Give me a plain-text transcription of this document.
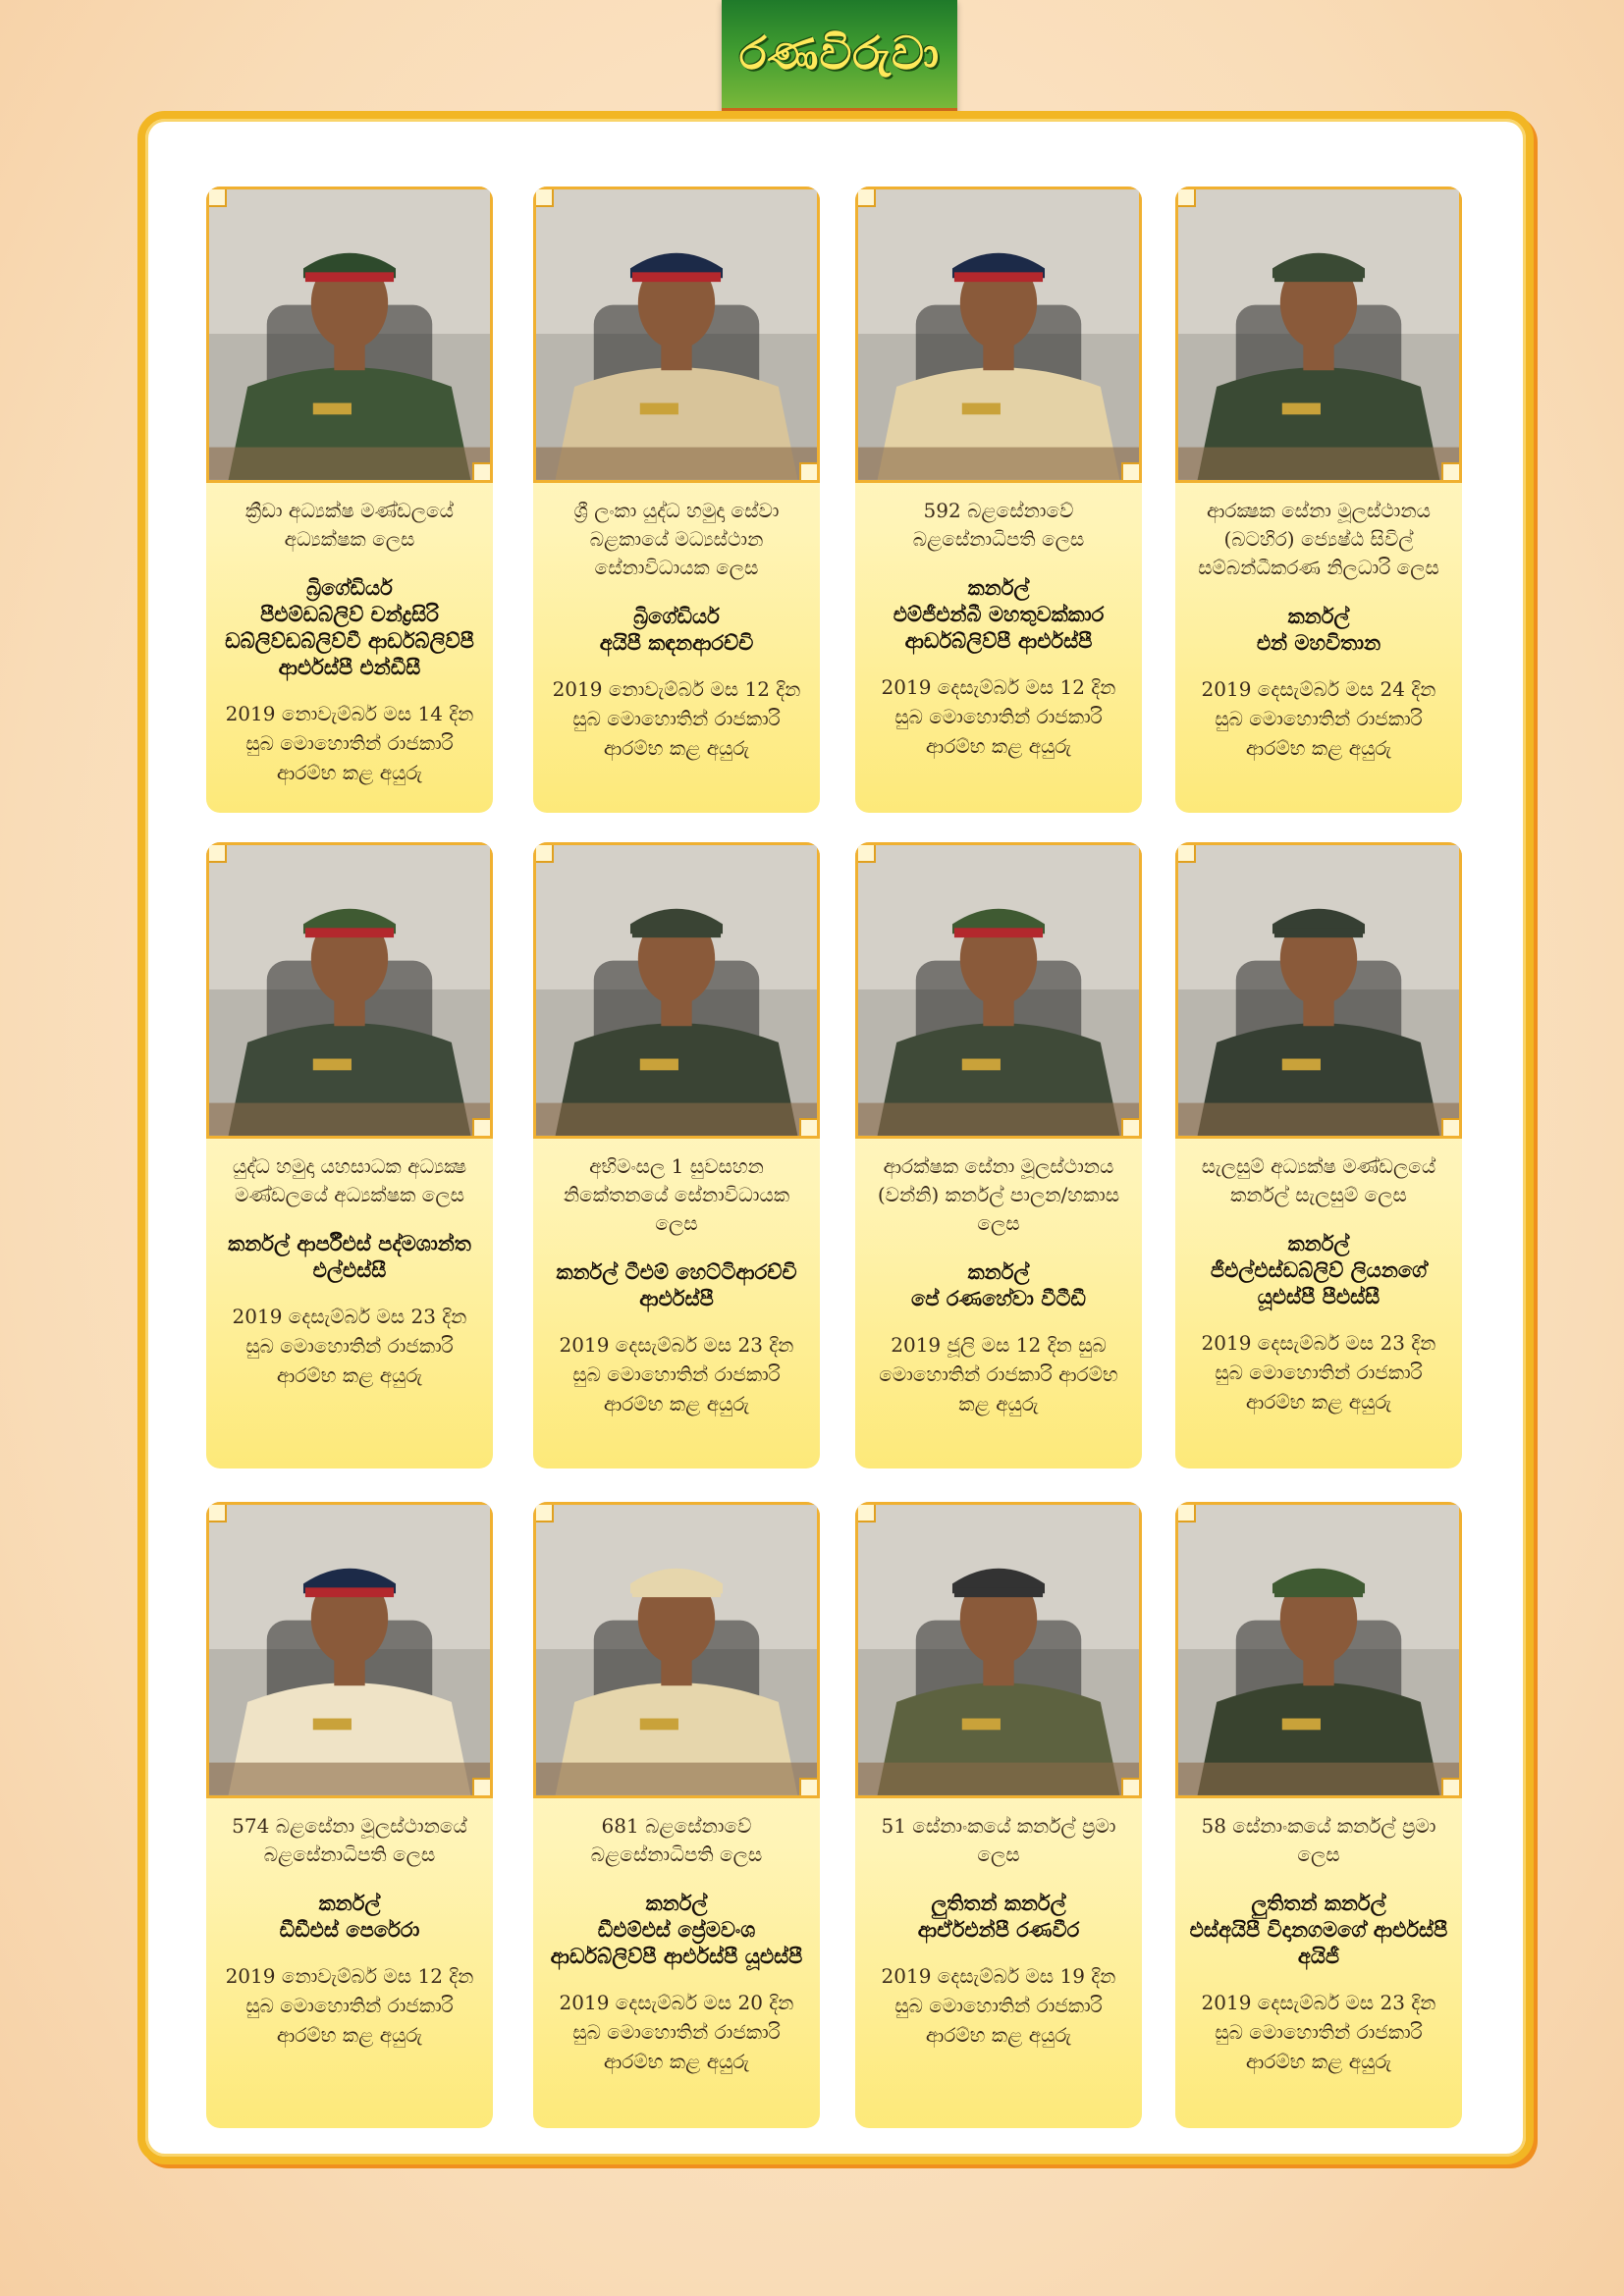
රණවිරුවා

ක්‍රීඩා අධ්‍යක්ෂ මණ්ඩලයේ අධ්‍යක්ෂක ලෙස

බ්‍රිගේඩියර්

පීඑම්ඩබ්ලිව් චන්ද්‍රසිරි ඩබ්ලිව්ඩබ්ලිව්වී ආර්ඩබ්ලිව්පී ආර්එස්පී එන්ඩීසී

2019 නොවැම්බර් මස 14 දින සුබ මොහොතින් රාජකාරි ආරම්භ කළ අයුරු

ශ්‍රී ලංකා යුද්ධ හමුදා සේවා බළකායේ මධ්‍යස්ථාන සේනාවිධායක ලෙස

බ්‍රිගේඩියර්

අයිපී කඳනආරච්චි

2019 නොවැම්බර් මස 12 දින සුබ මොහොතින් රාජකාරි ආරම්භ කළ අයුරු

592 බළසේනාවේ බළසේනාධිපති ලෙස

කර්නල්

එම්ජීඑන්බී මහතුවක්කාර ආර්ඩබ්ලිව්පී ආර්එස්පී

2019 දෙසැම්බර් මස 12 දින සුබ මොහොතින් රාජකාරි ආරම්භ කළ අයුරු

ආරක්‍ෂක සේනා මූලස්ථානය (බටහිර) ජ්‍යෙෂ්ඨ සිවිල් සම්බන්ධීකරණ නිලධාරි ලෙස

කර්නල්

එන් මහවිතාන

2019 දෙසැම්බර් මස 24 දින සුබ මොහොතින් රාජකාරි ආරම්භ කළ අයුරු

යුද්ධ හමුදා යහසාධක අධ්‍යක්‍ෂ මණ්ඩලයේ අධ්‍යක්ෂක ලෙස

කර්නල් ආර්පීඑස් පද්මශාන්ත

එල්එස්සී

2019 දෙසැම්බර් මස 23 දින සුබ මොහොතින් රාජකාරි ආරම්භ කළ අයුරු

අභිමංසල 1 සුවසහන නිකේතනයේ සේනාවිධායක ලෙස

කර්නල් ටීඑම් හෙට්ටිආරච්චි

ආර්එස්පී

2019 දෙසැම්බර් මස 23 දින සුබ මොහොතින් රාජකාරි ආරම්භ කළ අයුරු

ආරක්ෂක සේනා මූලස්ථානය (වන්නි) කර්නල් පාලන/හකාස ලෙස

කර්නල්

පේ රණහේවා වීටීඩී

2019 ජූලි මස 12 දින සුබ මොහොතින් රාජකාරි ආරම්භ කළ අයුරු

සැලසුම් අධ්‍යක්ෂ මණ්ඩලයේ කර්නල් සැලසුම් ලෙස

කර්නල්

ජීඑල්එස්ඩබ්ලිව් ලියනගේ යූඑස්පී පීඑස්සී

2019 දෙසැම්බර් මස 23 දින සුබ මොහොතින් රාජකාරි ආරම්භ කළ අයුරු

574 බළසේනා මූලස්ථානයේ බළසේනාධිපති ලෙස

කර්නල්

ඩීඩීඑස් පෙරේරා

2019 නොවැම්බර් මස 12 දින සුබ මොහොතින් රාජකාරි ආරම්භ කළ අයුරු

681 බළසේනාවේ බළසේනාධිපති ලෙස

කර්නල්

ඩීඑම්එස් ප්‍රේමවංශ ආර්ඩබ්ලිව්පී ආර්එස්පී යූඑස්පී

2019 දෙසැම්බර් මස 20 දින සුබ මොහොතින් රාජකාරි ආරම්භ කළ අයුරු

51 සේනාංකයේ කර්නල් ප්‍රමා ලෙස

ලුතිතන් කර්නල්

ආර්ඒඑන්පී රණවීර

2019 දෙසැම්බර් මස 19 දින සුබ මොහොතින් රාජකාරි ආරම්භ කළ අයුරු

58 සේනාංකයේ කර්නල් ප්‍රමා ලෙස

ලුතිතන් කර්නල්

එස්අයිපී විදානගමගේ ආර්එස්පී අයිජී

2019 දෙසැම්බර් මස 23 දින සුබ මොහොතින් රාජකාරි ආරම්භ කළ අයුරු
